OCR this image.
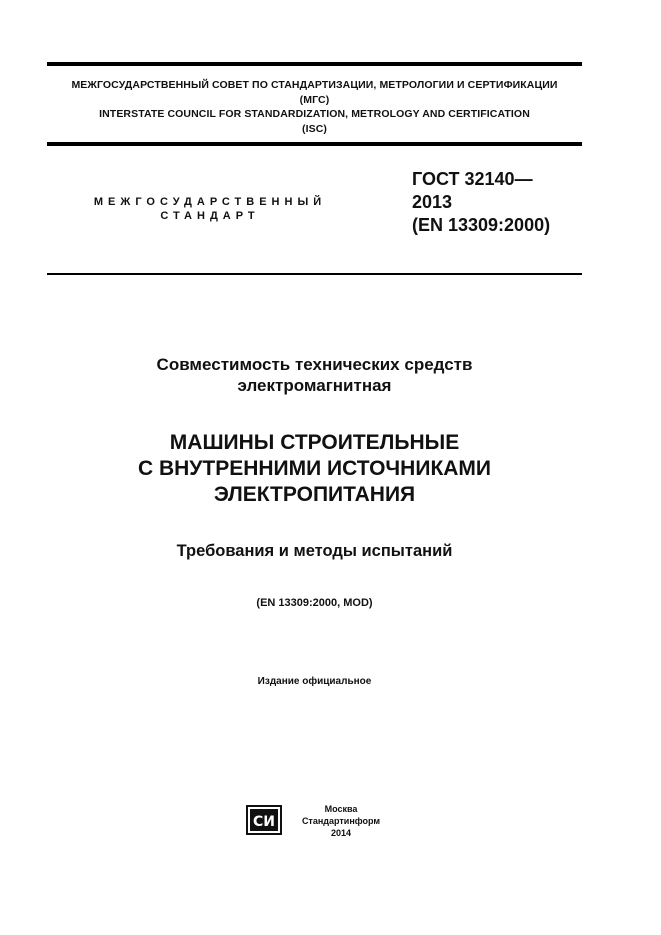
МЕЖГОСУДАРСТВЕННЫЙ СОВЕТ ПО СТАНДАРТИЗАЦИИ, МЕТРОЛОГИИ И СЕРТИФИКАЦИИ
(МГС)
INTERSTATE COUNCIL FOR STANDARDIZATION, METROLOGY AND CERTIFICATION
(ISC)
МЕЖГОСУДАРСТВЕННЫЙ
СТАНДАРТ
ГОСТ 32140—
2013
(EN 13309:2000)
Совместимость технических средств
электромагнитная
МАШИНЫ СТРОИТЕЛЬНЫЕ
С ВНУТРЕННИМИ ИСТОЧНИКАМИ
ЭЛЕКТРОПИТАНИЯ
Требования и методы испытаний
(EN 13309:2000, MOD)
Издание официальное
СИ
Москва
Стандартинформ
2014
